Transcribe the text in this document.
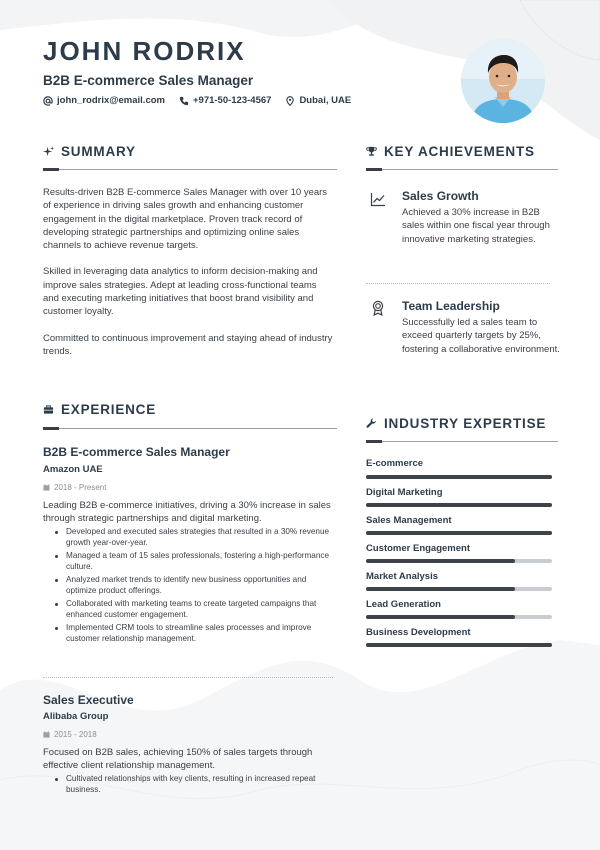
JOHN RODRIX
B2B E-commerce Sales Manager
john_rodrix@email.com	+971-50-123-4567	Dubai, UAE
SUMMARY

Results-driven B2B E-commerce Sales Manager with over 10 years of experience in driving sales growth and enhancing customer engagement in the digital marketplace. Proven track record of developing strategic partnerships and optimizing online sales channels to achieve revenue targets.

Skilled in leveraging data analytics to inform decision-making and improve sales strategies. Adept at leading cross-functional teams and executing marketing initiatives that boost brand visibility and customer loyalty.

Committed to continuous improvement and staying ahead of industry trends.

KEY ACHIEVEMENTS
Sales Growth
Achieved a 30% increase in B2B sales within one fiscal year through innovative marketing strategies.
Team Leadership
Successfully led a sales team to exceed quarterly targets by 25%, fostering a collaborative environment.
EXPERIENCE
B2B E-commerce Sales Manager
Amazon UAE
2018 - Present
Leading B2B e-commerce initiatives, driving a 30% increase in sales through strategic partnerships and digital marketing.
Developed and executed sales strategies that resulted in a 30% revenue growth year-over-year.
Managed a team of 15 sales professionals, fostering a high-performance culture.
Analyzed market trends to identify new business opportunities and optimize product offerings.
Collaborated with marketing teams to create targeted campaigns that enhanced customer engagement.
Implemented CRM tools to streamline sales processes and improve customer relationship management.
Sales Executive
Alibaba Group
2015 - 2018
Focused on B2B sales, achieving 150% of sales targets through effective client relationship management.
Cultivated relationships with key clients, resulting in increased repeat business.
INDUSTRY EXPERTISE
E-commerce
Digital Marketing
Sales Management
Customer Engagement
Market Analysis
Lead Generation
Business Development
